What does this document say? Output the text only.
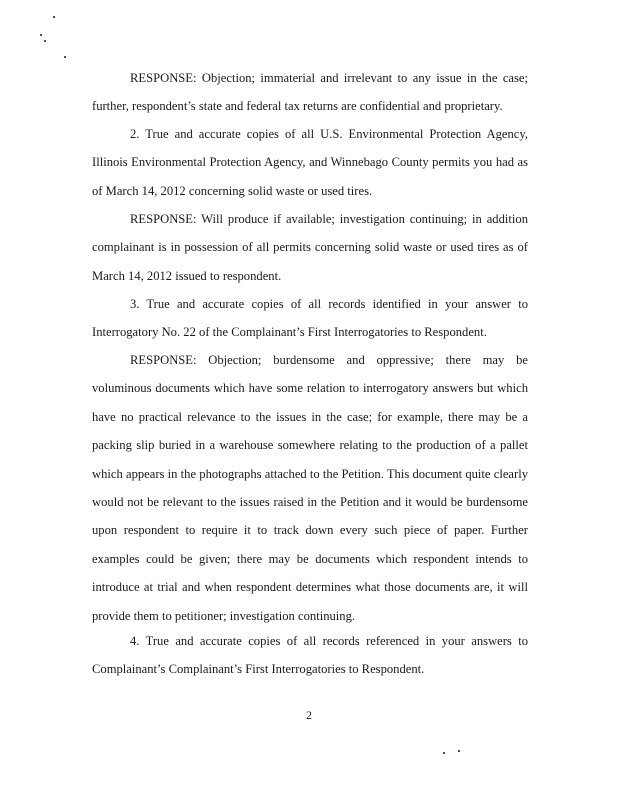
RESPONSE: Objection; immaterial and irrelevant to any issue in the case; further, respondent’s state and federal tax returns are confidential and proprietary.

2. True and accurate copies of all U.S. Environmental Protection Agency, Illinois Environmental Protection Agency, and Winnebago County permits you had as of March 14, 2012 concerning solid waste or used tires.

RESPONSE: Will produce if available; investigation continuing; in addition complainant is in possession of all permits concerning solid waste or used tires as of March 14, 2012 issued to respondent.

3. True and accurate copies of all records identified in your answer to Interrogatory No. 22 of the Complainant’s First Interrogatories to Respondent.

RESPONSE: Objection; burdensome and oppressive; there may be voluminous documents which have some relation to interrogatory answers but which have no practical relevance to the issues in the case; for example, there may be a packing slip buried in a warehouse somewhere relating to the production of a pallet which appears in the photographs attached to the Petition. This document quite clearly would not be relevant to the issues raised in the Petition and it would be burdensome upon respondent to require it to track down every such piece of paper. Further examples could be given; there may be documents which respondent intends to introduce at trial and when respondent determines what those documents are, it will provide them to petitioner; investigation continuing.

4. True and accurate copies of all records referenced in your answers to Complainant’s Complainant’s First Interrogatories to Respondent.

2
